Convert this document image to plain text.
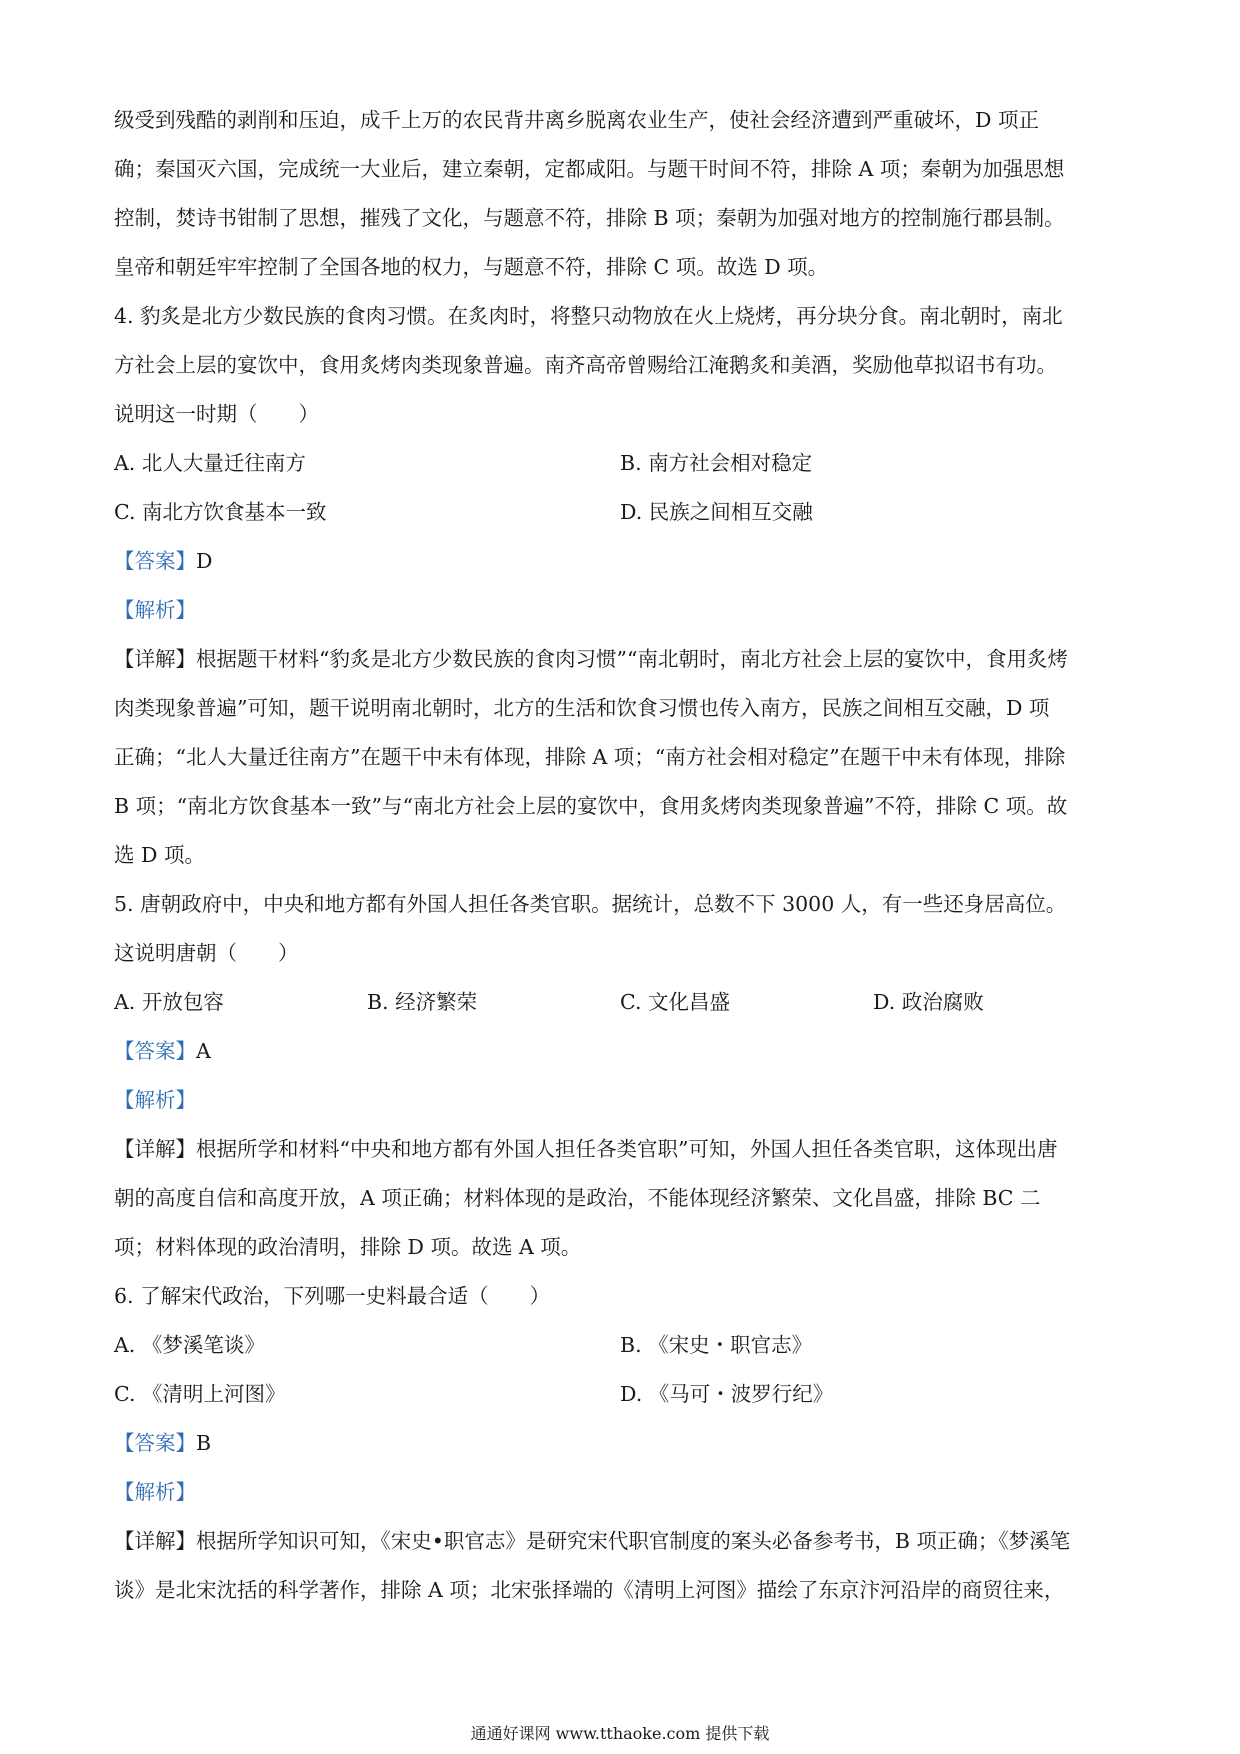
级受到残酷的剥削和压迫，成千上万的农民背井离乡脱离农业生产，使社会经济遭到严重破坏，D 项正
确；秦国灭六国，完成统一大业后，建立秦朝，定都咸阳。与题干时间不符，排除 A 项；秦朝为加强思想
控制，焚诗书钳制了思想，摧残了文化，与题意不符，排除 B 项；秦朝为加强对地方的控制施行郡县制。
皇帝和朝廷牢牢控制了全国各地的权力，与题意不符，排除 C 项。故选 D 项。
4. 豹炙是北方少数民族的食肉习惯。在炙肉时，将整只动物放在火上烧烤，再分块分食。南北朝时，南北
方社会上层的宴饮中，食用炙烤肉类现象普遍。南齐高帝曾赐给江淹鹅炙和美酒，奖励他草拟诏书有功。
说明这一时期（　　）
A. 北人大量迁往南方	B. 南方社会相对稳定
C. 南北方饮食基本一致	D. 民族之间相互交融
【答案】D
【解析】
【详解】根据题干材料“豹炙是北方少数民族的食肉习惯”“南北朝时，南北方社会上层的宴饮中，食用炙烤
肉类现象普遍”可知，题干说明南北朝时，北方的生活和饮食习惯也传入南方，民族之间相互交融，D 项
正确；“北人大量迁往南方”在题干中未有体现，排除 A 项；“南方社会相对稳定”在题干中未有体现，排除
B 项；“南北方饮食基本一致”与“南北方社会上层的宴饮中，食用炙烤肉类现象普遍”不符，排除 C 项。故
选 D 项。
5. 唐朝政府中，中央和地方都有外国人担任各类官职。据统计，总数不下 3000 人，有一些还身居高位。
这说明唐朝（　　）
A. 开放包容	B. 经济繁荣	C. 文化昌盛	D. 政治腐败
【答案】A
【解析】
【详解】根据所学和材料“中央和地方都有外国人担任各类官职”可知，外国人担任各类官职，这体现出唐
朝的高度自信和高度开放，A 项正确；材料体现的是政治，不能体现经济繁荣、文化昌盛，排除 BC 二
项；材料体现的政治清明，排除 D 项。故选 A 项。
6. 了解宋代政治，下列哪一史料最合适（　　）
A. 《梦溪笔谈》	B. 《宋史・职官志》
C. 《清明上河图》	D. 《马可・波罗行纪》
【答案】B
【解析】
【详解】根据所学知识可知，《宋史•职官志》是研究宋代职官制度的案头必备参考书，B 项正确；《梦溪笔
谈》是北宋沈括的科学著作，排除 A 项；北宋张择端的《清明上河图》描绘了东京汴河沿岸的商贸往来，
通通好课网 www.tthaoke.com 提供下载
